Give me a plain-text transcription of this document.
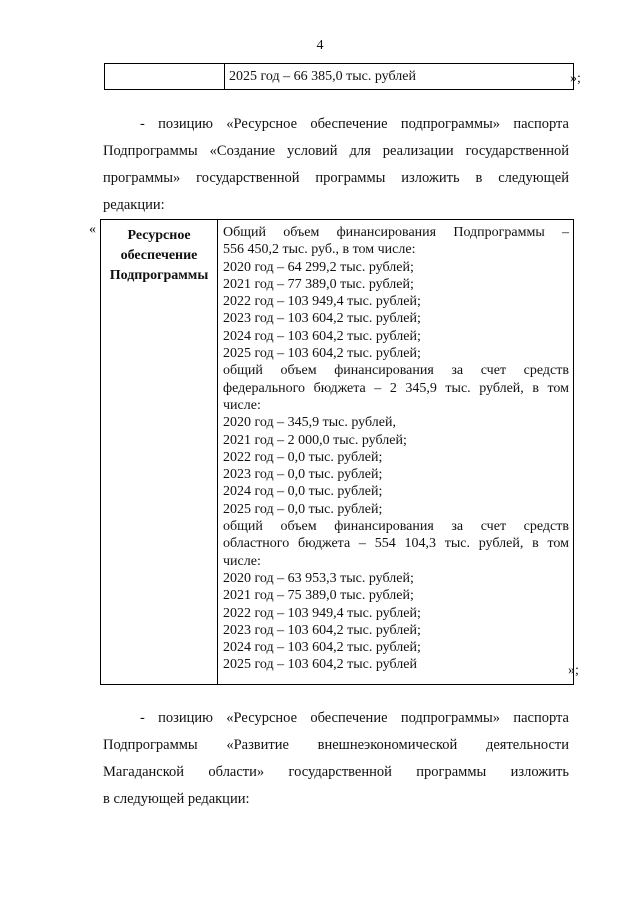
4
	2025 год – 66 385,0 тыс. рублей	»;

- позицию «Ресурсное обеспечение подпрограммы» паспорта
Подпрограммы «Создание условий для реализации государственной
программы» государственной программы изложить в следующей
редакции:

«	Ресурсное
обеспечение
Подпрограммы

Общий объем финансирования Подпрограммы –
556 450,2 тыс. руб., в том числе:
2020 год – 64 299,2 тыс. рублей;
2021 год – 77 389,0 тыс. рублей;
2022 год – 103 949,4 тыс. рублей;
2023 год – 103 604,2 тыс. рублей;
2024 год – 103 604,2 тыс. рублей;
2025 год – 103 604,2 тыс. рублей;
общий объем финансирования за счет средств
федерального бюджета – 2 345,9 тыс. рублей, в том
числе:
2020 год – 345,9 тыс. рублей,
2021 год – 2 000,0 тыс. рублей;
2022 год – 0,0 тыс. рублей;
2023 год – 0,0 тыс. рублей;
2024 год – 0,0 тыс. рублей;
2025 год – 0,0 тыс. рублей;
общий объем финансирования за счет средств
областного бюджета – 554 104,3 тыс. рублей, в том
числе:
2020 год – 63 953,3 тыс. рублей;
2021 год – 75 389,0 тыс. рублей;
2022 год – 103 949,4 тыс. рублей;
2023 год – 103 604,2 тыс. рублей;
2024 год – 103 604,2 тыс. рублей;
2025 год – 103 604,2 тыс. рублей	»;

- позицию «Ресурсное обеспечение подпрограммы» паспорта
Подпрограммы «Развитие внешнеэкономической деятельности
Магаданской области» государственной программы изложить
в следующей редакции:
